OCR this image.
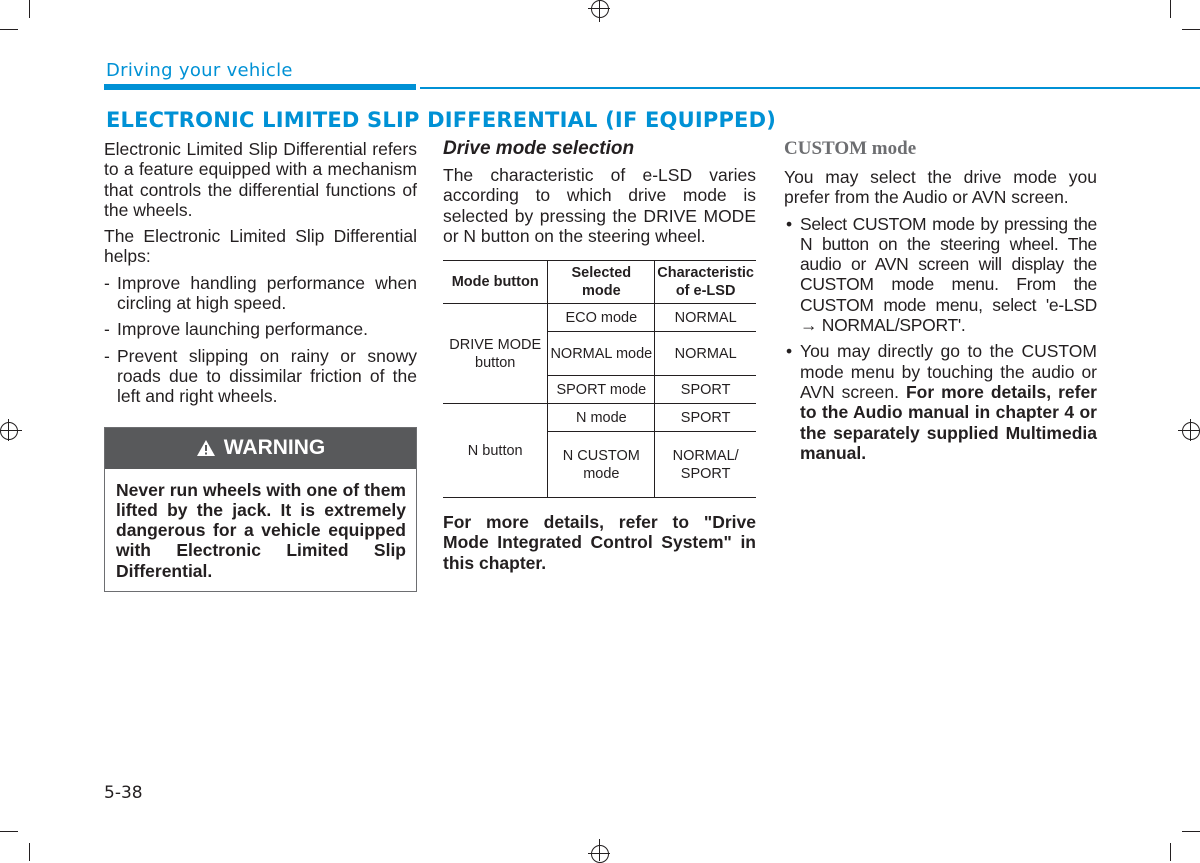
Driving your vehicle
ELECTRONIC LIMITED SLIP DIFFERENTIAL (IF EQUIPPED)

Electronic Limited Slip Differential refers to a feature equipped with a mechanism that controls the differential functions of the wheels.

The Electronic Limited Slip Differential helps:

- Improve handling performance when circling at high speed.
- Improve launching performance.
- Prevent slipping on rainy or snowy roads due to dissimilar friction of the left and right wheels.
WARNING
Never run wheels with one of them lifted by the jack. It is extremely dangerous for a vehicle equipped with Electronic Limited Slip Differential.
Drive mode selection

The characteristic of e-LSD varies according to which drive mode is selected by pressing the DRIVE MODE or N button on the steering wheel.

Mode button	Selected mode	Characteristic of e-LSD
DRIVE MODE button	ECO mode	NORMAL
	NORMAL mode	NORMAL
	SPORT mode	SPORT
N button	N mode	SPORT
	N CUSTOM mode	NORMAL/ SPORT

For more details, refer to "Drive Mode Integrated Control System" in this chapter.

CUSTOM mode

You may select the drive mode you prefer from the Audio or AVN screen.

• Select CUSTOM mode by pressing the N button on the steering wheel. The audio or AVN screen will display the CUSTOM mode menu. From the CUSTOM mode menu, select 'e-LSD → NORMAL/SPORT'.
• You may directly go to the CUSTOM mode menu by touching the audio or AVN screen. For more details, refer to the Audio manual in chapter 4 or the separately supplied Multimedia manual.
5-38
